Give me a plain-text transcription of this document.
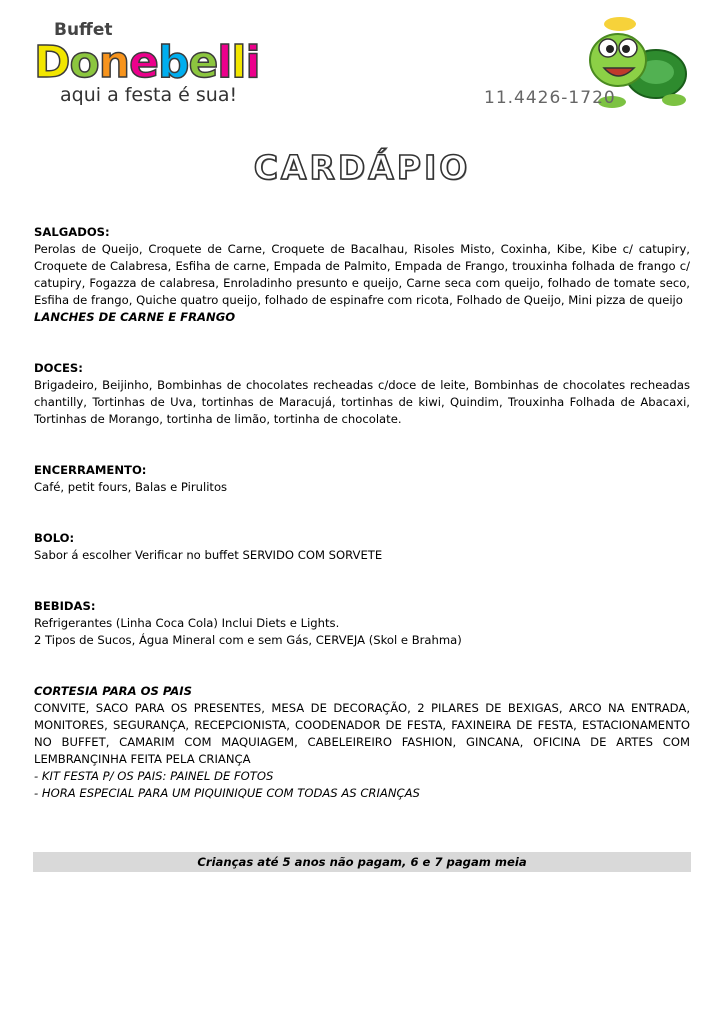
Buffet
Donebelli
aqui a festa é sua!	11.4426-1720
CARDÁPIO

SALGADOS:

Perolas de Queijo, Croquete de Carne, Croquete de Bacalhau, Risoles Misto, Coxinha, Kibe, Kibe c/ catupiry, Croquete de Calabresa, Esfiha de carne, Empada de Palmito, Empada de Frango, trouxinha folhada de frango c/ catupiry, Fogazza de calabresa, Enroladinho presunto e queijo, Carne seca com queijo, folhado de tomate seco, Esfiha de frango, Quiche quatro queijo, folhado de espinafre com ricota, Folhado de Queijo, Mini pizza de queijo

LANCHES DE CARNE E FRANGO

DOCES:

Brigadeiro, Beijinho, Bombinhas de chocolates recheadas c/doce de leite, Bombinhas de chocolates recheadas chantilly, Tortinhas de Uva, tortinhas de Maracujá, tortinhas de kiwi, Quindim, Trouxinha Folhada de Abacaxi, Tortinhas de Morango, tortinha de limão, tortinha de chocolate.

ENCERRAMENTO:

Café, petit fours, Balas e Pirulitos

BOLO:

Sabor á escolher Verificar no buffet SERVIDO COM SORVETE

BEBIDAS:

Refrigerantes (Linha Coca Cola) Inclui Diets e Lights.

2 Tipos de Sucos, Água Mineral com e sem Gás, CERVEJA (Skol e Brahma)

CORTESIA PARA OS PAIS

CONVITE, SACO PARA OS PRESENTES, MESA DE DECORAÇÃO, 2 PILARES DE BEXIGAS, ARCO NA ENTRADA, MONITORES, SEGURANÇA, RECEPCIONISTA, COODENADOR DE FESTA, FAXINEIRA DE FESTA, ESTACIONAMENTO NO BUFFET, CAMARIM COM MAQUIAGEM, CABELEIREIRO FASHION, GINCANA, OFICINA DE ARTES COM LEMBRANÇINHA FEITA PELA CRIANÇA

- KIT FESTA P/ OS PAIS: PAINEL DE FOTOS

- HORA ESPECIAL PARA UM PIQUINIQUE COM TODAS AS CRIANÇAS

Crianças até 5 anos não pagam, 6 e 7 pagam meia
